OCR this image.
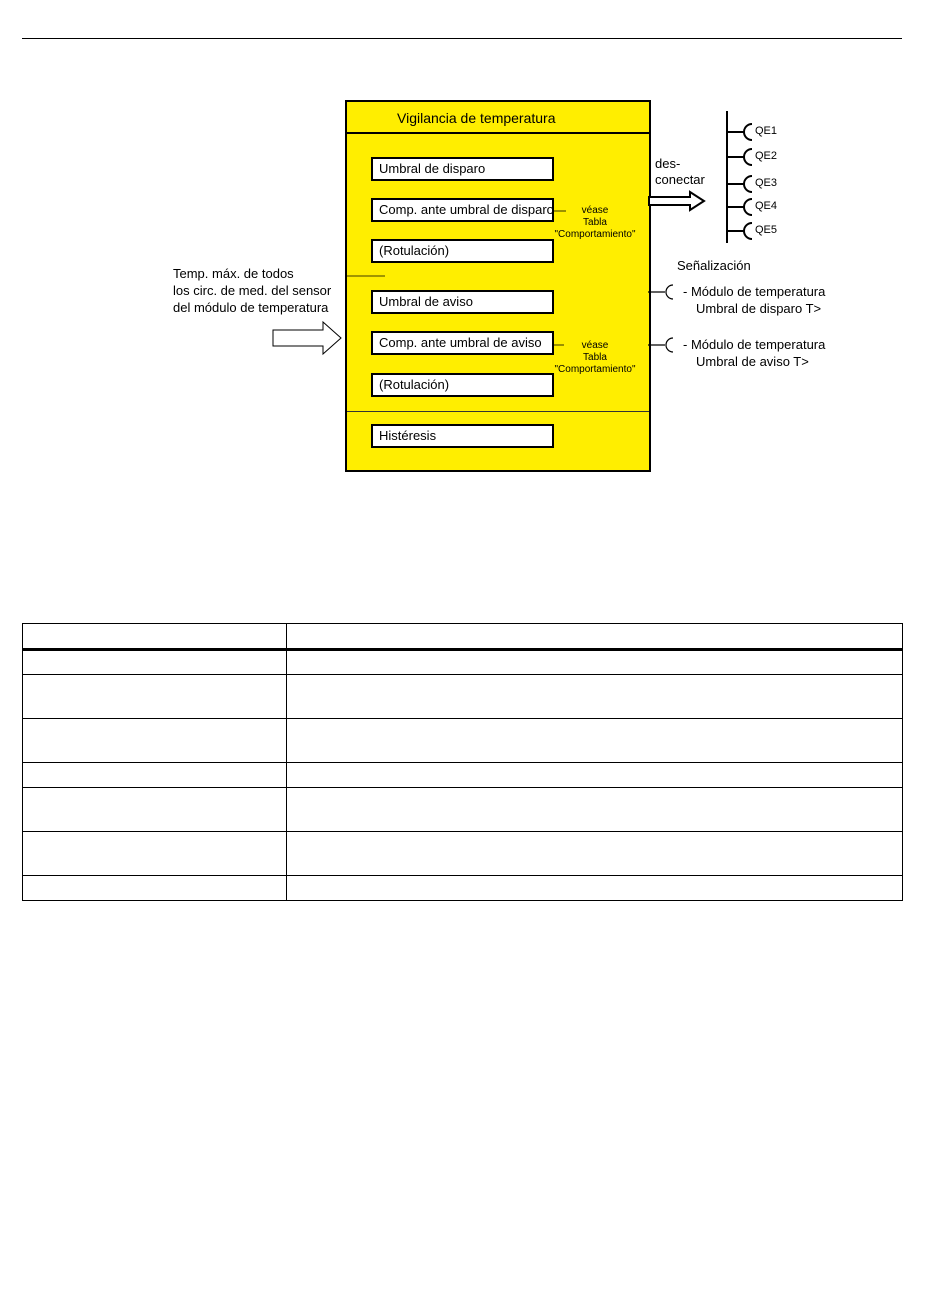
Vigilancia de temperatura
Umbral de disparo
Comp. ante umbral de disparo
(Rotulación)
Umbral de aviso
Comp. ante umbral de aviso
(Rotulación)
Histéresis
véase
Tabla
"Comportamiento"
véase
Tabla
"Comportamiento"
Temp. máx. de todos
los circ. de med. del sensor
del módulo de temperatura
des-
conectar
QE1
QE2
QE3
QE4
QE5
Señalización
- Módulo de temperatura
Umbral de disparo T>
- Módulo de temperatura
Umbral de aviso T>
